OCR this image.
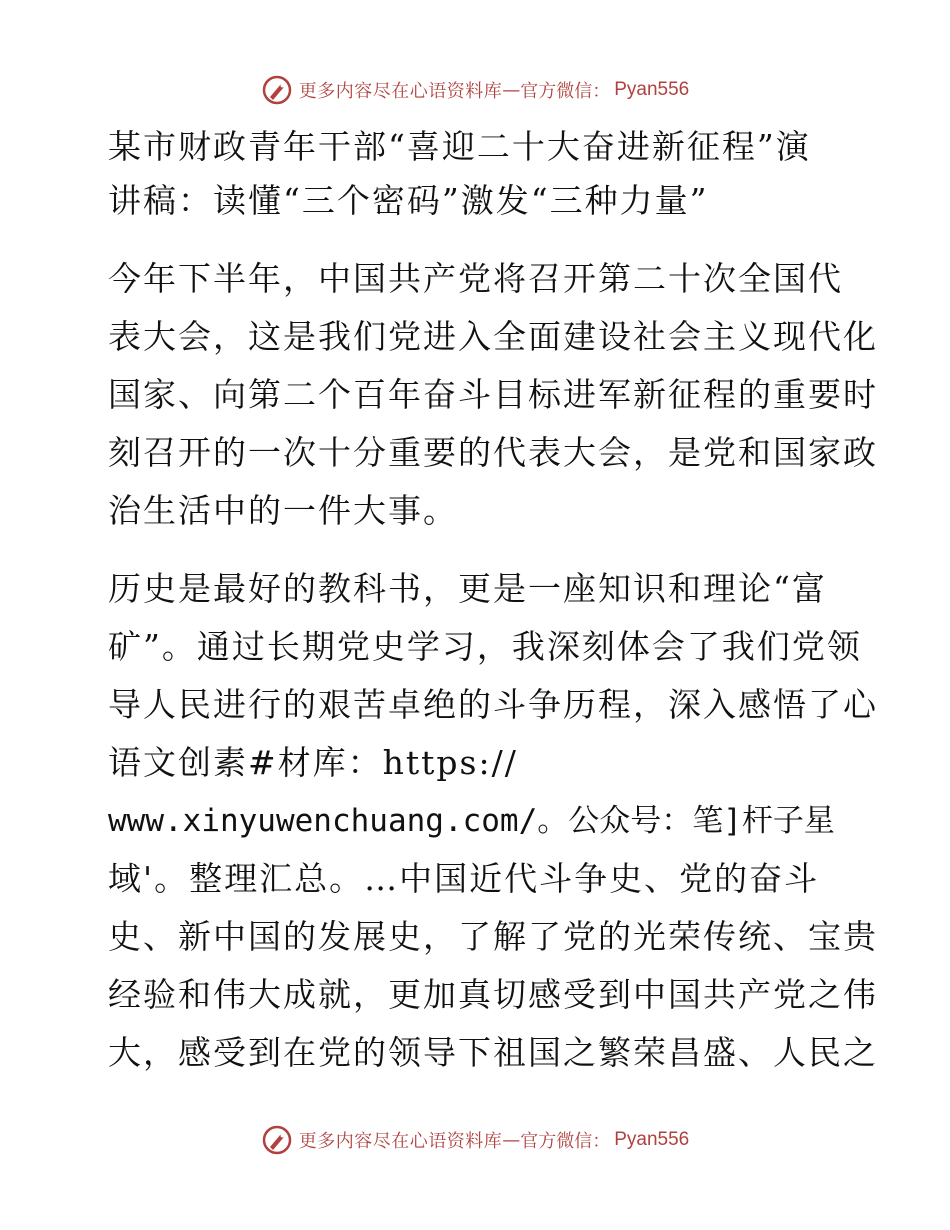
更多内容尽在心语资料库 — 官方微信： Pyan556
某市财政青年干部“喜迎二十大奋进新征程”演
讲稿：读懂“三个密码”激发“三种力量”
今年下半年，中国共产党将召开第二十次全国代
表大会，这是我们党进入全面建设社会主义现代化
国家、向第二个百年奋斗目标进军新征程的重要时
刻召开的一次十分重要的代表大会，是党和国家政
治生活中的一件大事。
历史是最好的教科书，更是一座知识和理论“富
矿”。通过长期党史学习，我深刻体会了我们党领
导人民进行的艰苦卓绝的斗争历程，深入感悟了心
语文创素#材库：https://
www.xinyuwenchuang.com/。公众号：笔]杆子星
域'。整理汇总。…中国近代斗争史、党的奋斗
史、新中国的发展史，了解了党的光荣传统、宝贵
经验和伟大成就，更加真切感受到中国共产党之伟
大，感受到在党的领导下祖国之繁荣昌盛、人民之
更多内容尽在心语资料库 — 官方微信： Pyan556
